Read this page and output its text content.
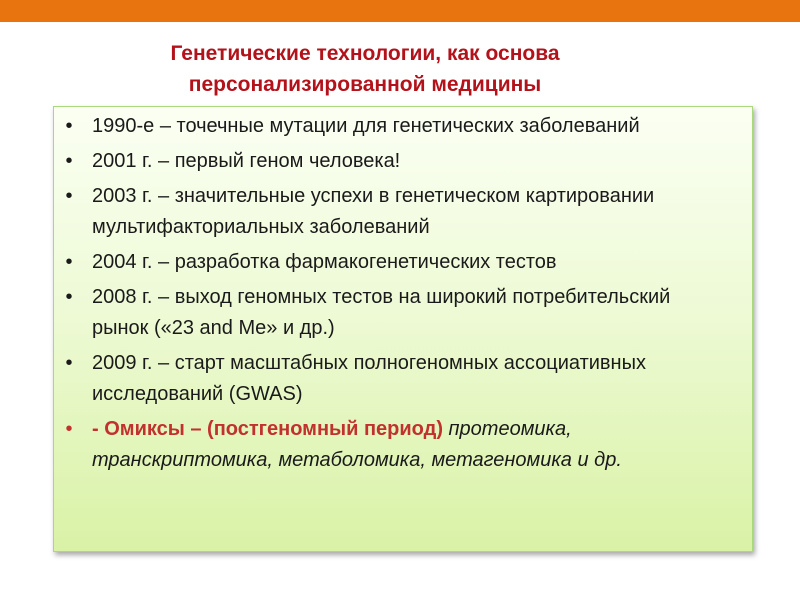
Генетические технологии, как основа
персонализированной медицины
• 1990-е – точечные мутации для генетических заболеваний
• 2001 г. – первый геном человека!
• 2003 г. – значительные успехи в генетическом картировании мультифакториальных заболеваний
• 2004 г. – разработка фармакогенетических тестов
• 2008 г. – выход геномных тестов на широкий потребительский рынок («23 and Me» и др.)
• 2009 г. – старт масштабных полногеномных ассоциативных исследований (GWAS)
• - Омиксы – (постгеномный период) протеомика, транскриптомика, метаболомика, метагеномика и др.
